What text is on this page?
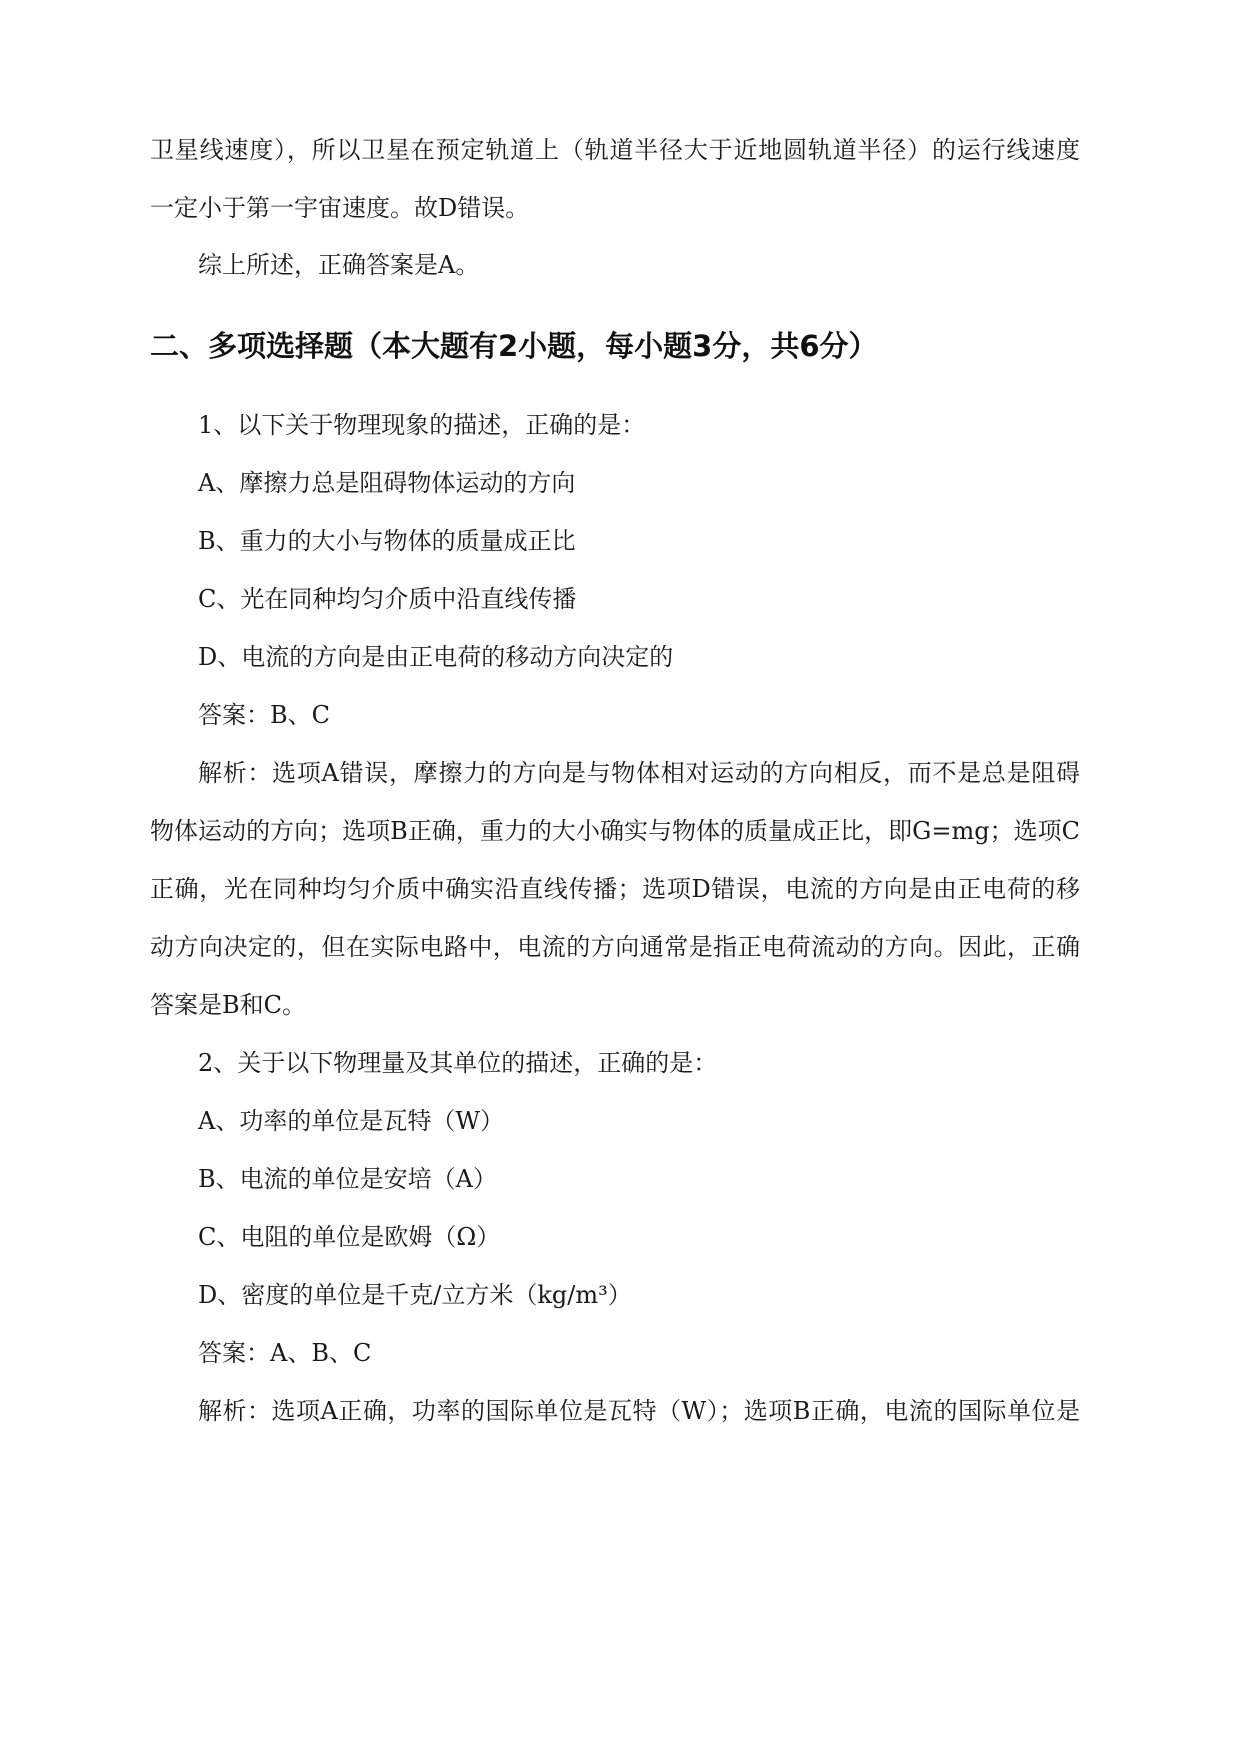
卫星线速度），所以卫星在预定轨道上（轨道半径大于近地圆轨道半径）的运行线速度
一定小于第一宇宙速度。故D错误。
综上所述，正确答案是A。
二、多项选择题（本大题有2小题，每小题3分，共6分）
1、以下关于物理现象的描述，正确的是：
A、摩擦力总是阻碍物体运动的方向
B、重力的大小与物体的质量成正比
C、光在同种均匀介质中沿直线传播
D、电流的方向是由正电荷的移动方向决定的
答案：B、C
解析：选项A错误，摩擦力的方向是与物体相对运动的方向相反，而不是总是阻碍
物体运动的方向；选项B正确，重力的大小确实与物体的质量成正比，即G=mg；选项C
正确，光在同种均匀介质中确实沿直线传播；选项D错误，电流的方向是由正电荷的移
动方向决定的，但在实际电路中，电流的方向通常是指正电荷流动的方向。因此，正确
答案是B和C。
2、关于以下物理量及其单位的描述，正确的是：
A、功率的单位是瓦特（W）
B、电流的单位是安培（A）
C、电阻的单位是欧姆（Ω）
D、密度的单位是千克/立方米（kg/m³）
答案：A、B、C
解析：选项A正确，功率的国际单位是瓦特（W）；选项B正确，电流的国际单位是
